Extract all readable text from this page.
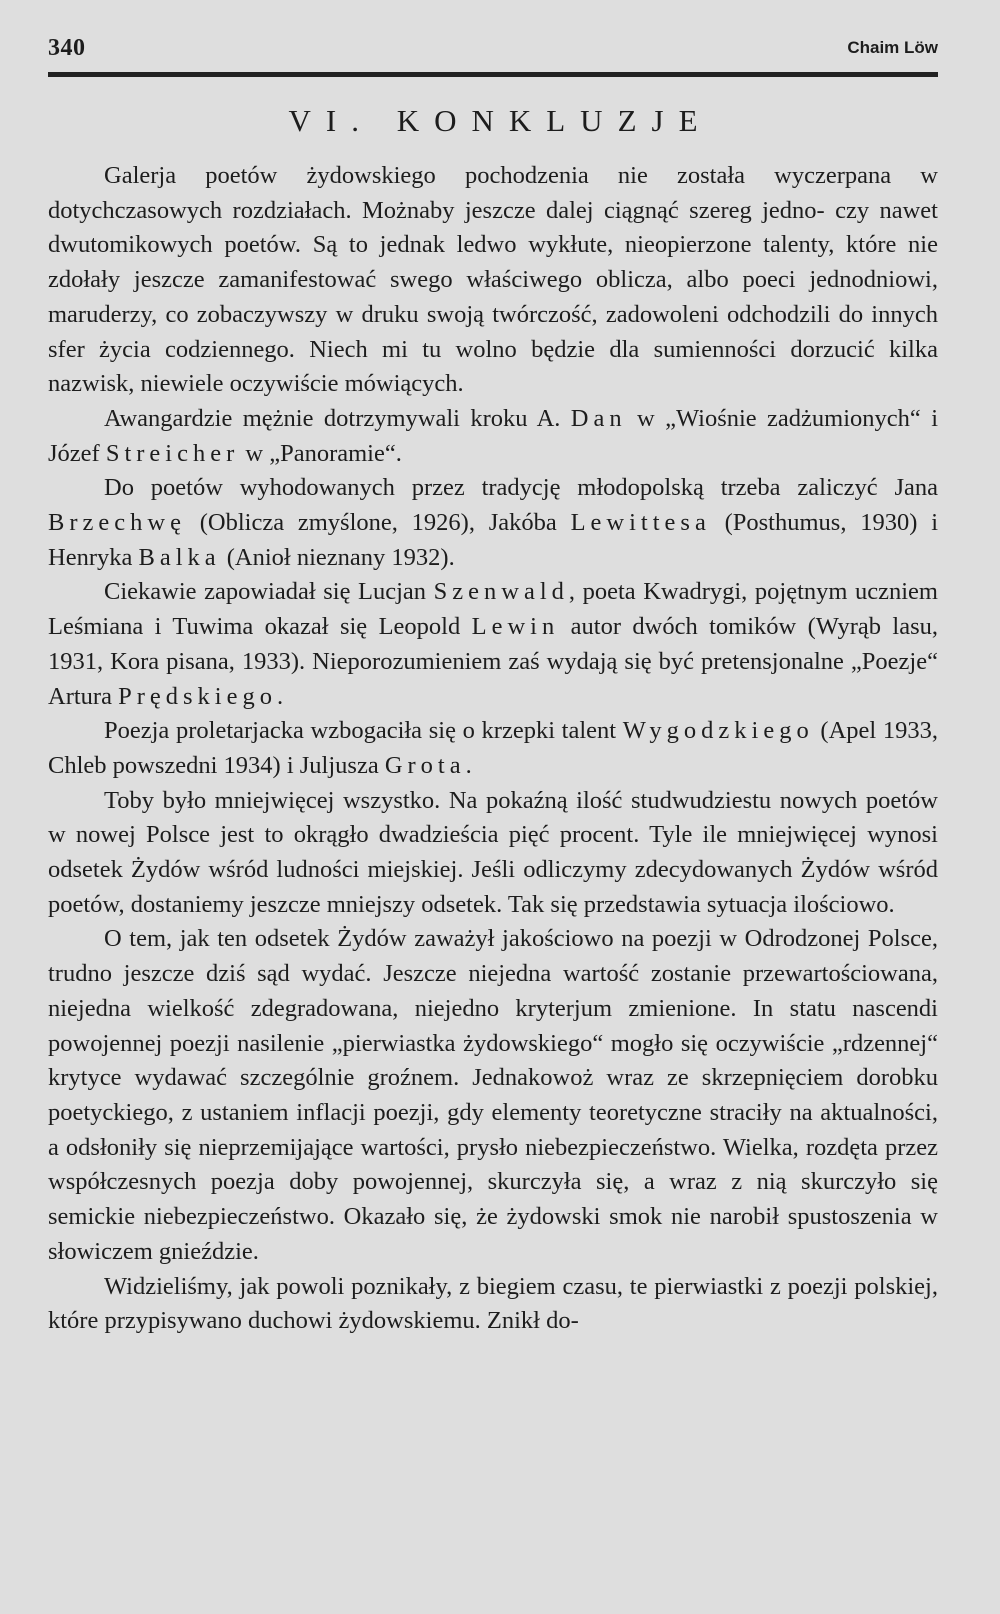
340	Chaim Löw
VI. KONKLUZJE

Galerja poetów żydowskiego pochodzenia nie została wyczerpana w dotychczasowych rozdziałach. Możnaby jeszcze dalej ciągnąć szereg jedno- czy nawet dwutomikowych poetów. Są to jednak ledwo wykłute, nieopierzone talenty, które nie zdołały jeszcze zamanifestować swego właściwego oblicza, albo poeci jednodniowi, maruderzy, co zobaczywszy w druku swoją twórczość, zadowoleni odchodzili do innych sfer życia codziennego. Niech mi tu wolno będzie dla sumienności dorzucić kilka nazwisk, niewiele oczywiście mówiących.

Awangardzie mężnie dotrzymywali kroku A. Dan w „Wiośnie zadżumionych“ i Józef Streicher w „Panoramie“.

Do poetów wyhodowanych przez tradycję młodopolską trzeba zaliczyć Jana Brzechwę (Oblicza zmyślone, 1926), Jakóba Lewittesa (Posthumus, 1930) i Henryka Balka (Anioł nieznany 1932).

Ciekawie zapowiadał się Lucjan Szenwald, poeta Kwadrygi, pojętnym uczniem Leśmiana i Tuwima okazał się Leopold Lewin autor dwóch tomików (Wyrąb lasu, 1931, Kora pisana, 1933). Nieporozumieniem zaś wydają się być pretensjonalne „Poezje“ Artura Prędskiego.

Poezja proletarjacka wzbogaciła się o krzepki talent Wygodzkiego (Apel 1933, Chleb powszedni 1934) i Juljusza Grota.

Toby było mniejwięcej wszystko. Na pokaźną ilość studwudziestu nowych poetów w nowej Polsce jest to okrągło dwadzieścia pięć procent. Tyle ile mniejwięcej wynosi odsetek Żydów wśród ludności miejskiej. Jeśli odliczymy zdecydowanych Żydów wśród poetów, dostaniemy jeszcze mniejszy odsetek. Tak się przedstawia sytuacja ilościowo.

O tem, jak ten odsetek Żydów zaważył jakościowo na poezji w Odrodzonej Polsce, trudno jeszcze dziś sąd wydać. Jeszcze niejedna wartość zostanie przewartościowana, niejedna wielkość zdegradowana, niejedno kryterjum zmienione. In statu nascendi powojennej poezji nasilenie „pierwiastka żydowskiego“ mogło się oczywiście „rdzennej“ krytyce wydawać szczególnie groźnem. Jednakowoż wraz ze skrzepnięciem dorobku poetyckiego, z ustaniem inflacji poezji, gdy elementy teoretyczne straciły na aktualności, a odsłoniły się nieprzemijające wartości, prysło niebezpieczeństwo. Wielka, rozdęta przez współczesnych poezja doby powojennej, skurczyła się, a wraz z nią skurczyło się semickie niebezpieczeństwo. Okazało się, że żydowski smok nie narobił spustoszenia w słowiczem gnieździe.

Widzieliśmy, jak powoli poznikały, z biegiem czasu, te pierwiastki z poezji polskiej, które przypisywano duchowi żydowskiemu. Znikł do-
